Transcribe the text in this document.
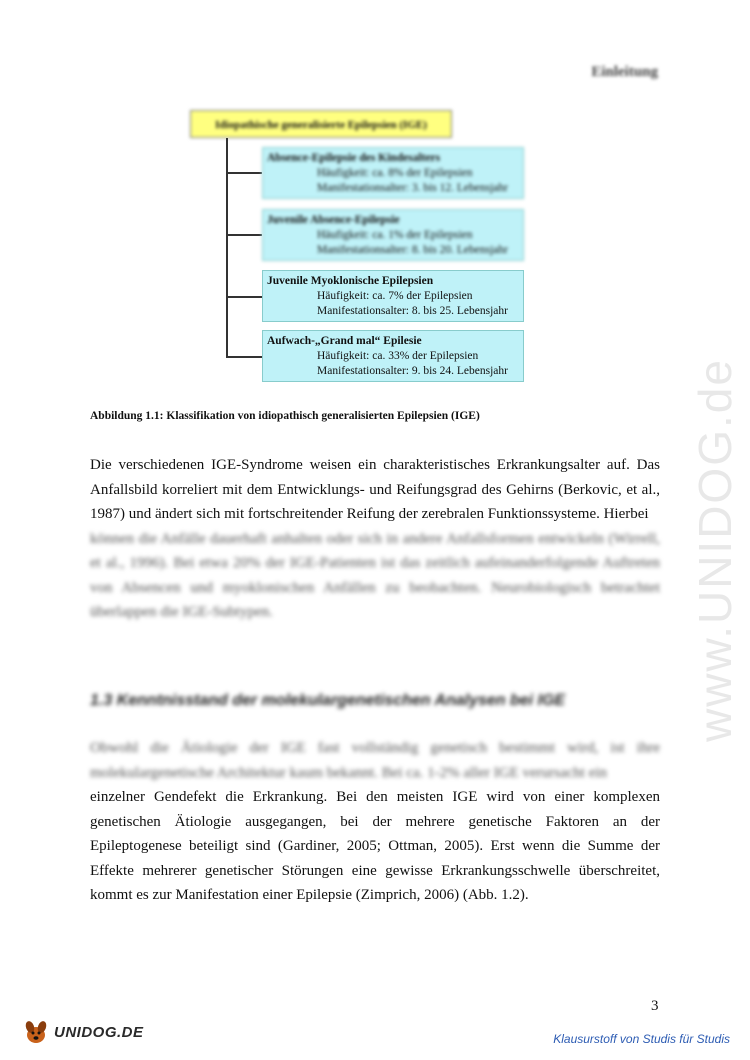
Einleitung
www.UNIDOG.de
Idiopathische generalisierte Epilepsien (IGE)
Absence-Epilepsie des Kindesalters
Häufigkeit: ca. 8% der Epilepsien
Manifestationsalter: 3. bis 12. Lebensjahr
Juvenile Absence-Epilepsie
Häufigkeit: ca. 1% der Epilepsien
Manifestationsalter: 8. bis 20. Lebensjahr
Juvenile Myoklonische Epilepsien
Häufigkeit: ca. 7% der Epilepsien
Manifestationsalter: 8. bis 25. Lebensjahr
Aufwach-„Grand mal“ Epilesie
Häufigkeit: ca. 33% der Epilepsien
Manifestationsalter: 9. bis 24. Lebensjahr
Abbildung 1.1: Klassifikation von idiopathisch generalisierten Epilepsien (IGE)

Die verschiedenen IGE-Syndrome weisen ein charakteristisches Erkrankungsalter auf. Das Anfallsbild korreliert mit dem Entwicklungs- und Reifungsgrad des Gehirns (Berkovic, et al., 1987) und ändert sich mit fortschreitender Reifung der zerebralen Funktionssysteme. Hierbei

können die Anfälle dauerhaft anhalten oder sich in andere Anfallsformen entwickeln (Wirrell, et al., 1996). Bei etwa 20% der IGE-Patienten ist das zeitlich aufeinanderfolgende Auftreten von Absencen und myoklonischen Anfällen zu beobachten. Neurobiologisch betrachtet überlappen die IGE-Subtypen.

1.3 Kenntnisstand der molekulargenetischen Analysen bei IGE

Obwohl die Ätiologie der IGE fast vollständig genetisch bestimmt wird, ist ihre molekulargenetische Architektur kaum bekannt. Bei ca. 1-2% aller IGE verursacht ein

einzelner Gendefekt die Erkrankung. Bei den meisten IGE wird von einer komplexen genetischen Ätiologie ausgegangen, bei der mehrere genetische Faktoren an der Epileptogenese beteiligt sind (Gardiner, 2005; Ottman, 2005). Erst wenn die Summe der Effekte mehrerer genetischer Störungen eine gewisse Erkrankungsschwelle überschreitet, kommt es zur Manifestation einer Epilepsie (Zimprich, 2006) (Abb. 1.2).

3
UNIDOG.DE	Klausurstoff von Studis für Studis
